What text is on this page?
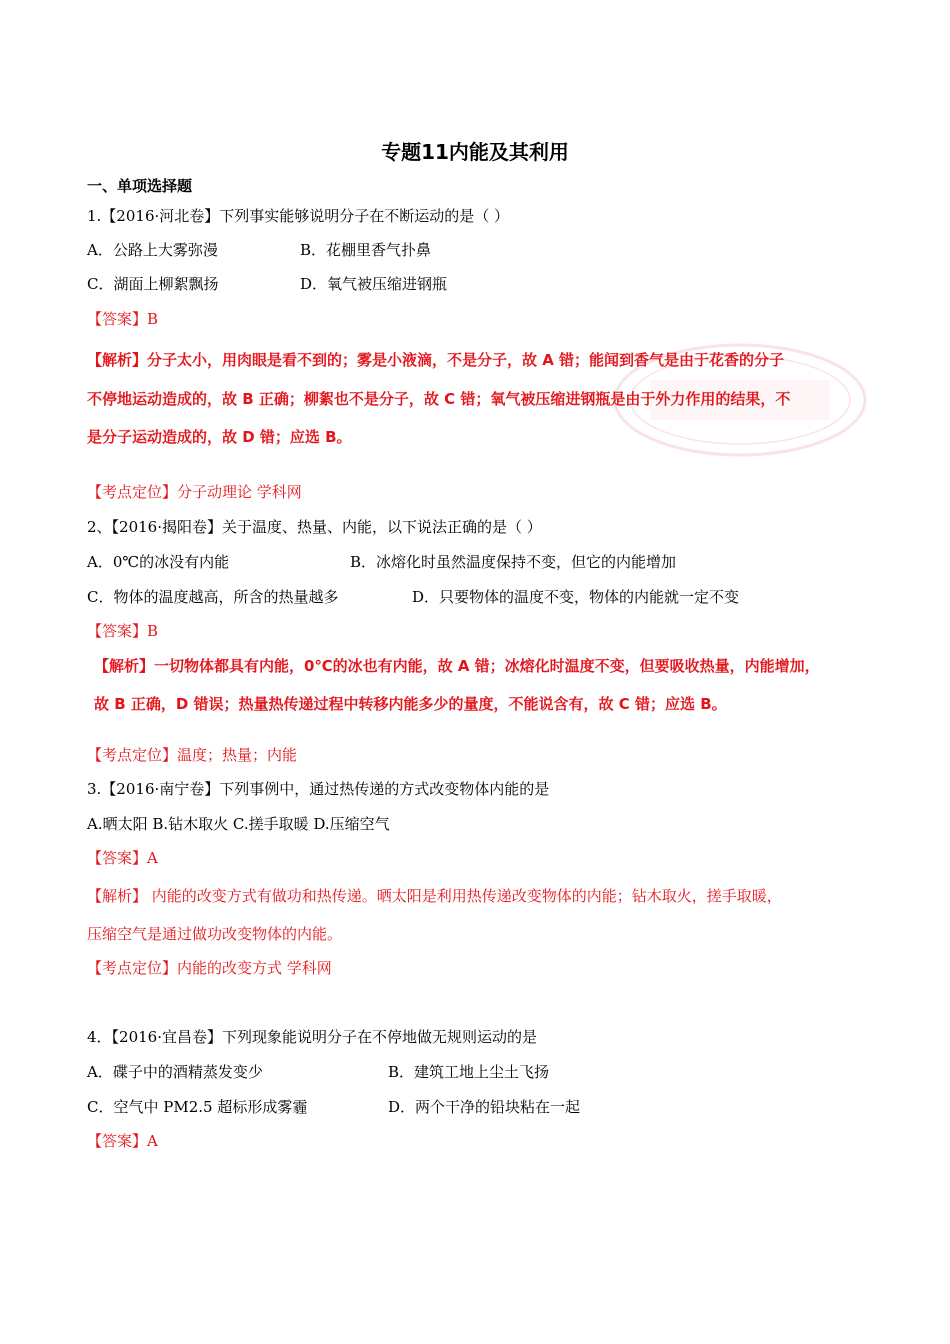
专题11内能及其利用
一、单项选择题
1.【2016·河北卷】下列事实能够说明分子在不断运动的是（ ）
A．公路上大雾弥漫	B．花棚里香气扑鼻
C．湖面上柳絮飘扬	D．氧气被压缩进钢瓶
【答案】B
【解析】分子太小，用肉眼是看不到的；雾是小液滴，不是分子，故 A 错；能闻到香气是由于花香的分子
不停地运动造成的，故 B 正确；柳絮也不是分子，故 C 错；氧气被压缩进钢瓶是由于外力作用的结果，不
是分子运动造成的，故 D 错；应选 B。
【考点定位】分子动理论 学科网
2、【2016·揭阳卷】关于温度、热量、内能，以下说法正确的是（ ）
A．0℃的冰没有内能	B．冰熔化时虽然温度保持不变，但它的内能增加
C．物体的温度越高，所含的热量越多	D．只要物体的温度不变，物体的内能就一定不变
【答案】B
【解析】一切物体都具有内能，0℃的冰也有内能，故 A 错；冰熔化时温度不变，但要吸收热量，内能增加，
故 B 正确，D 错误；热量热传递过程中转移内能多少的量度，不能说含有，故 C 错；应选 B。
【考点定位】温度；热量；内能
3.【2016·南宁卷】下列事例中，通过热传递的方式改变物体内能的是
A.晒太阳 B.钻木取火 C.搓手取暖 D.压缩空气
【答案】A
【解析】 内能的改变方式有做功和热传递。晒太阳是利用热传递改变物体的内能；钻木取火，搓手取暖，
压缩空气是通过做功改变物体的内能。
【考点定位】内能的改变方式 学科网
4．【2016·宜昌卷】下列现象能说明分子在不停地做无规则运动的是
A．碟子中的酒精蒸发变少	B．建筑工地上尘土飞扬
C．空气中 PM2.5 超标形成雾霾	D．两个干净的铅块粘在一起
【答案】A
